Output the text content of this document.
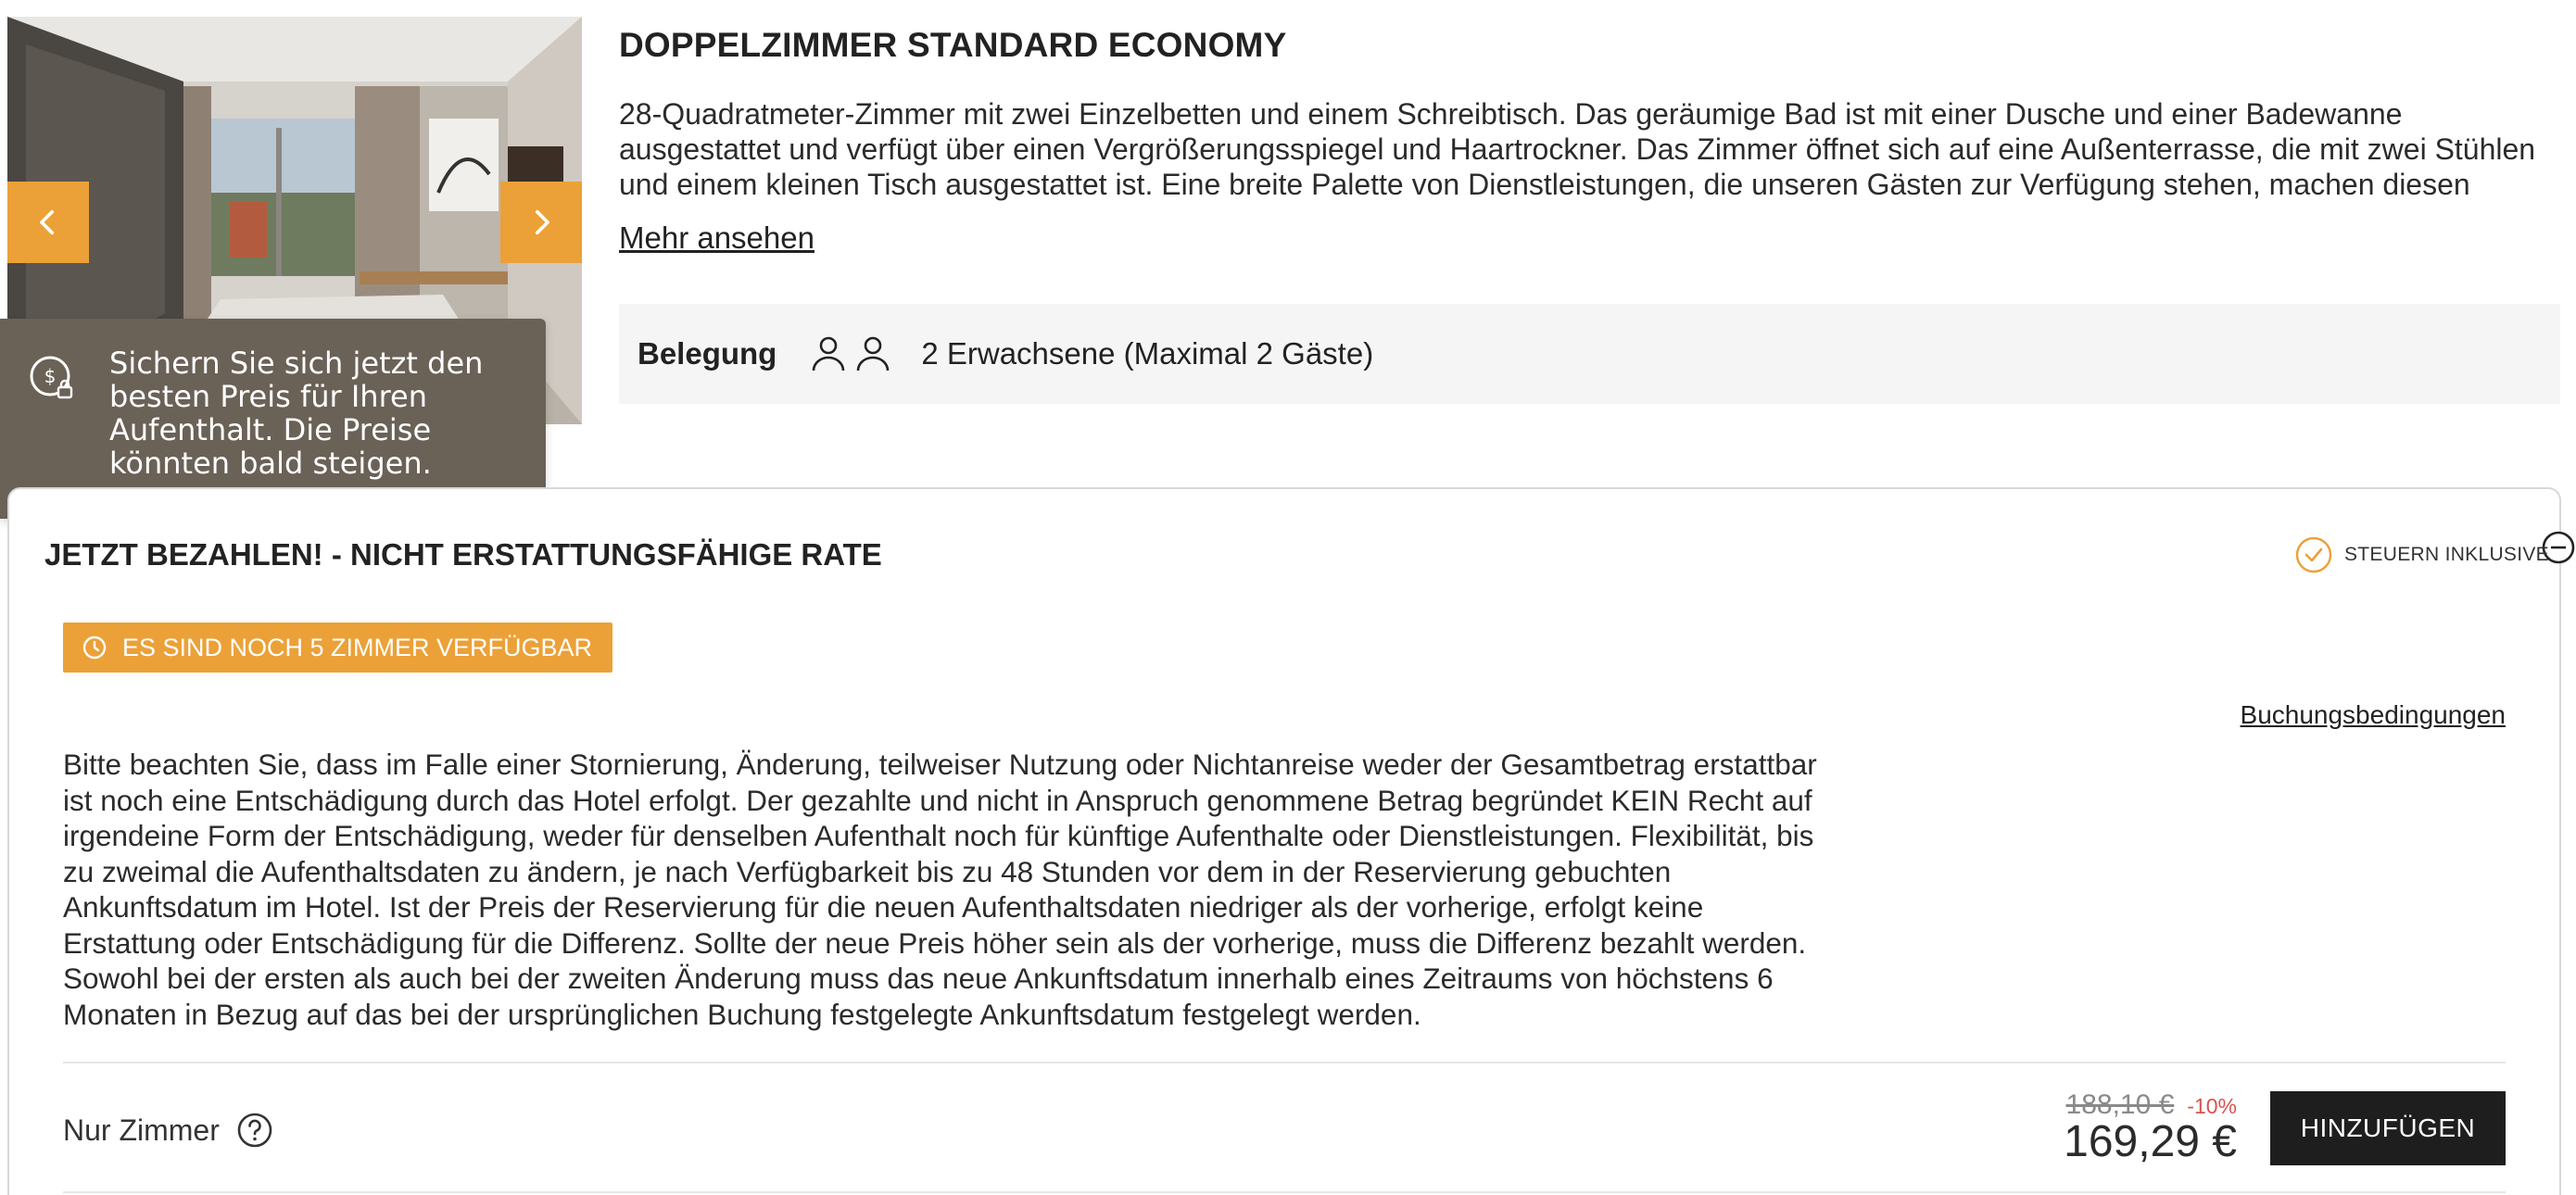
$ Sichern Sie sich jetzt den besten Preis für Ihren Aufenthalt. Die Preise könnten bald steigen.
DOPPELZIMMER STANDARD ECONOMY
28-Quadratmeter-Zimmer mit zwei Einzelbetten und einem Schreibtisch. Das geräumige Bad ist mit einer Dusche und einer Badewanne ausgestattet und verfügt über einen Vergrößerungsspiegel und Haartrockner. Das Zimmer öffnet sich auf eine Außenterrasse, die mit zwei Stühlen und einem kleinen Tisch ausgestattet ist. Eine breite Palette von Dienstleistungen, die unseren Gästen zur Verfügung stehen, machen diesen
Mehr ansehen
Belegung	2 Erwachsene (Maximal 2 Gäste)
JETZT BEZAHLEN! - NICHT ERSTATTUNGSFÄHIGE RATE	STEUERN INKLUSIVE
ES SIND NOCH 5 ZIMMER VERFÜGBAR
Buchungsbedingungen
Bitte beachten Sie, dass im Falle einer Stornierung, Änderung, teilweiser Nutzung oder Nichtanreise weder der Gesamtbetrag erstattbar ist noch eine Entschädigung durch das Hotel erfolgt. Der gezahlte und nicht in Anspruch genommene Betrag begründet KEIN Recht auf irgendeine Form der Entschädigung, weder für denselben Aufenthalt noch für künftige Aufenthalte oder Dienstleistungen. Flexibilität, bis zu zweimal die Aufenthaltsdaten zu ändern, je nach Verfügbarkeit bis zu 48 Stunden vor dem in der Reservierung gebuchten Ankunftsdatum im Hotel. Ist der Preis der Reservierung für die neuen Aufenthaltsdaten niedriger als der vorherige, erfolgt keine Erstattung oder Entschädigung für die Differenz. Sollte der neue Preis höher sein als der vorherige, muss die Differenz bezahlt werden. Sowohl bei der ersten als auch bei der zweiten Änderung muss das neue Ankunftsdatum innerhalb eines Zeitraums von höchstens 6 Monaten in Bezug auf das bei der ursprünglichen Buchung festgelegte Ankunftsdatum festgelegt werden.
Nur Zimmer
188,10 € -10%
169,29 €	HINZUFÜGEN
